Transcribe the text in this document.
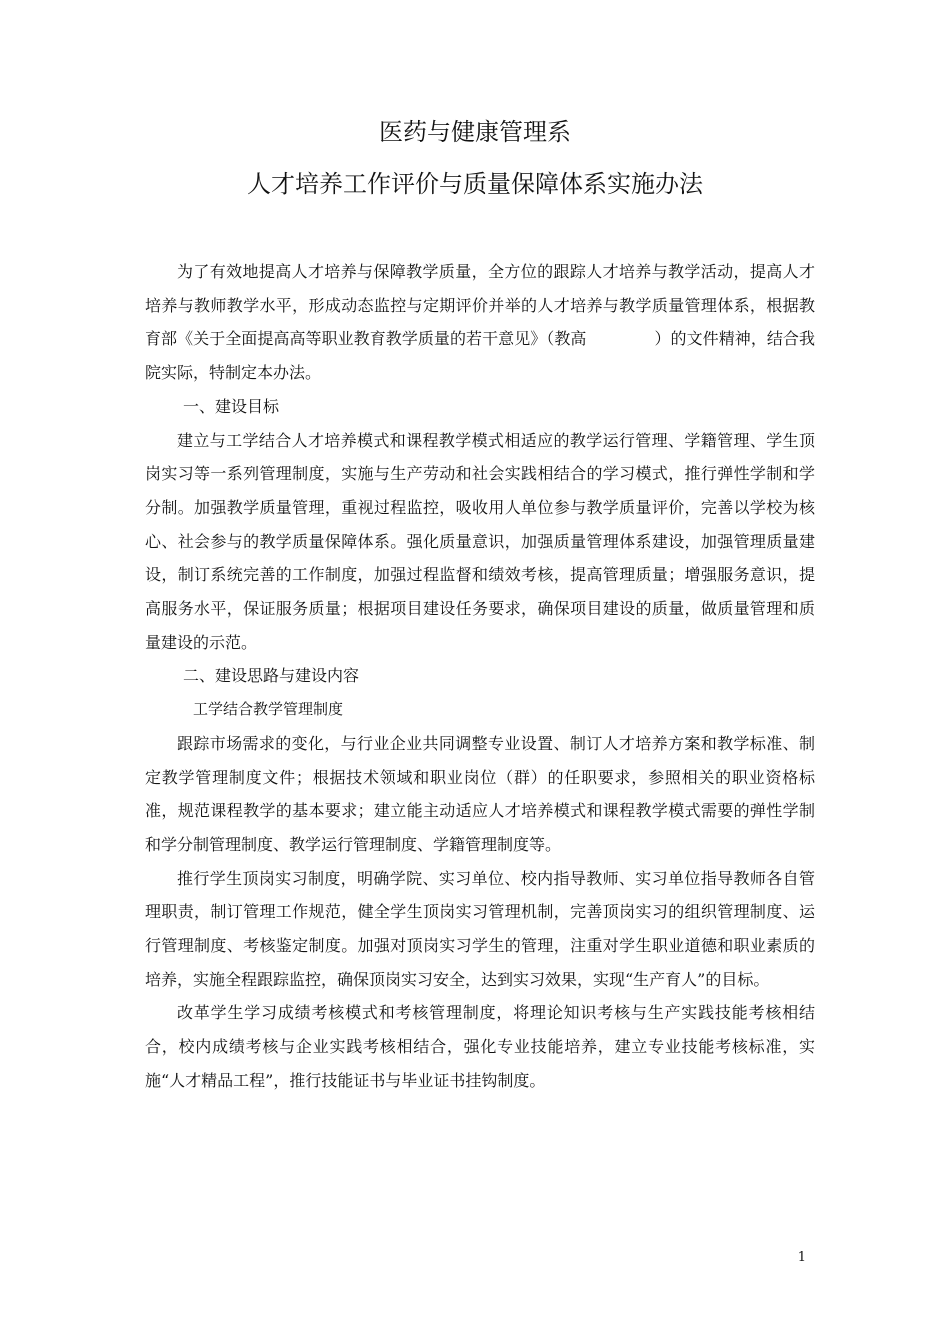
医药与健康管理系
人才培养工作评价与质量保障体系实施办法

为了有效地提高人才培养与保障教学质量，全方位的跟踪人才培养与教学活动，提高人才培养与教师教学水平，形成动态监控与定期评价并举的人才培养与教学质量管理体系，根据教育部《关于全面提高高等职业教育教学质量的若干意见》（教高	）的文件精神，结合我院实际，特制定本办法。

一、建设目标

建立与工学结合人才培养模式和课程教学模式相适应的教学运行管理、学籍管理、学生顶岗实习等一系列管理制度，实施与生产劳动和社会实践相结合的学习模式，推行弹性学制和学分制。加强教学质量管理，重视过程监控，吸收用人单位参与教学质量评价，完善以学校为核心、社会参与的教学质量保障体系。强化质量意识，加强质量管理体系建设，加强管理质量建设，制订系统完善的工作制度，加强过程监督和绩效考核，提高管理质量；增强服务意识，提高服务水平，保证服务质量；根据项目建设任务要求，确保项目建设的质量，做质量管理和质量建设的示范。

二、建设思路与建设内容

工学结合教学管理制度

跟踪市场需求的变化，与行业企业共同调整专业设置、制订人才培养方案和教学标准、制定教学管理制度文件；根据技术领域和职业岗位（群）的任职要求，参照相关的职业资格标准，规范课程教学的基本要求；建立能主动适应人才培养模式和课程教学模式需要的弹性学制和学分制管理制度、教学运行管理制度、学籍管理制度等。

推行学生顶岗实习制度，明确学院、实习单位、校内指导教师、实习单位指导教师各自管理职责，制订管理工作规范，健全学生顶岗实习管理机制，完善顶岗实习的组织管理制度、运行管理制度、考核鉴定制度。加强对顶岗实习学生的管理，注重对学生职业道德和职业素质的培养，实施全程跟踪监控，确保顶岗实习安全，达到实习效果，实现“生产育人”的目标。

改革学生学习成绩考核模式和考核管理制度，将理论知识考核与生产实践技能考核相结合，校内成绩考核与企业实践考核相结合，强化专业技能培养，建立专业技能考核标准，实施“人才精品工程”，推行技能证书与毕业证书挂钩制度。

1
